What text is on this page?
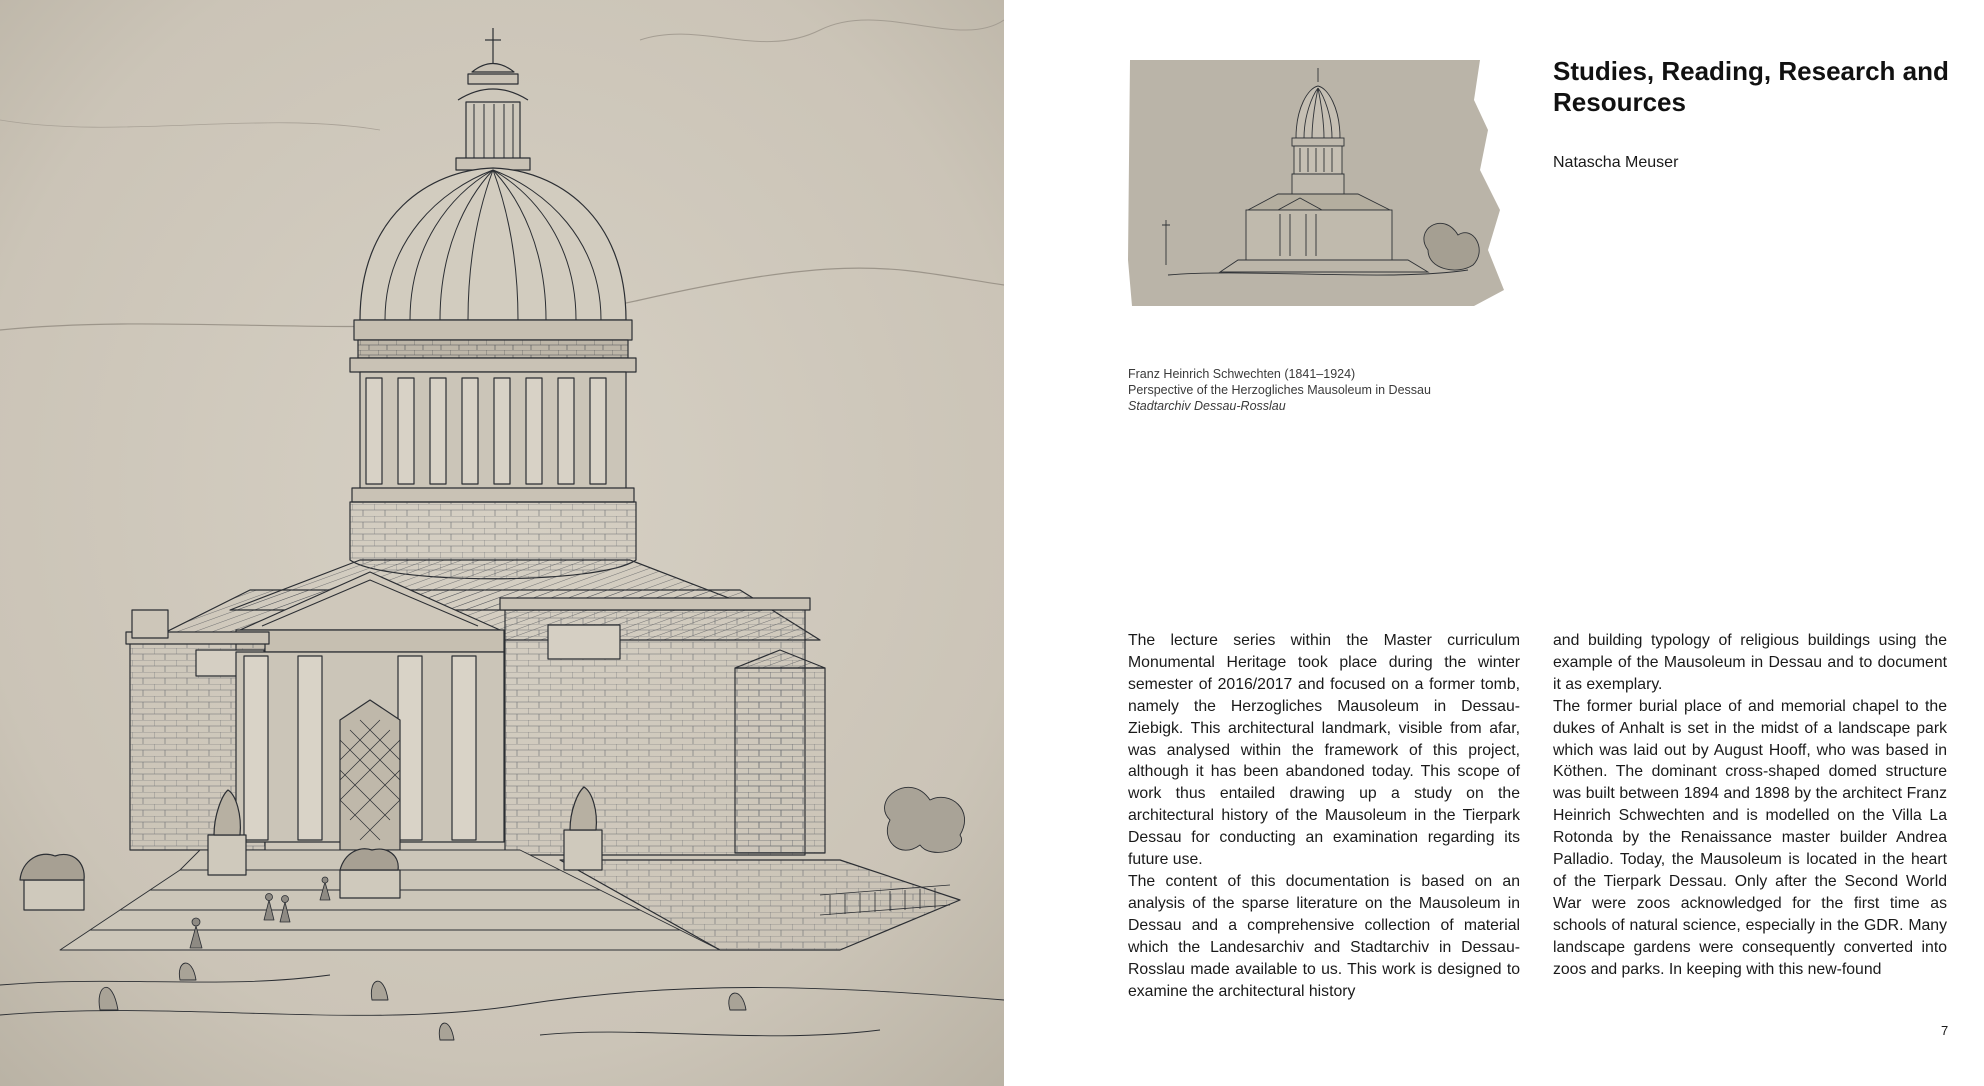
Franz Heinrich Schwechten (1841–1924)
Perspective of the Herzogliches Mausoleum in Dessau
Stadtarchiv Dessau-Rosslau
Studies, Reading, Research and Resources
Natascha Meuser

The lecture series within the Master curriculum Monumental Heritage took place during the winter semester of 2016/2017 and focused on a former tomb, namely the Herzogliches Mausoleum in Dessau-Ziebigk. This architectural landmark, visible from afar, was analysed within the framework of this project, although it has been abandoned today. This scope of work thus entailed drawing up a study on the architectural history of the Mausoleum in the Tierpark Dessau for conducting an examination regarding its future use.

The content of this documentation is based on an analysis of the sparse literature on the Mausoleum in Dessau and a comprehensive collection of material which the Landesarchiv and Stadtarchiv in Dessau-Rosslau made available to us. This work is designed to examine the architectural history

and building typology of religious buildings using the example of the Mausoleum in Dessau and to document it as exemplary.

The former burial place of and memorial chapel to the dukes of Anhalt is set in the midst of a landscape park which was laid out by August Hooff, who was based in Köthen. The dominant cross-shaped domed structure was built between 1894 and 1898 by the architect Franz Heinrich Schwechten and is modelled on the Villa La Rotonda by the Renaissance master builder Andrea Palladio. Today, the Mausoleum is located in the heart of the Tierpark Dessau. Only after the Second World War were zoos acknowledged for the first time as schools of natural science, especially in the GDR. Many landscape gardens were consequently converted into zoos and parks. In keeping with this new-found

7
